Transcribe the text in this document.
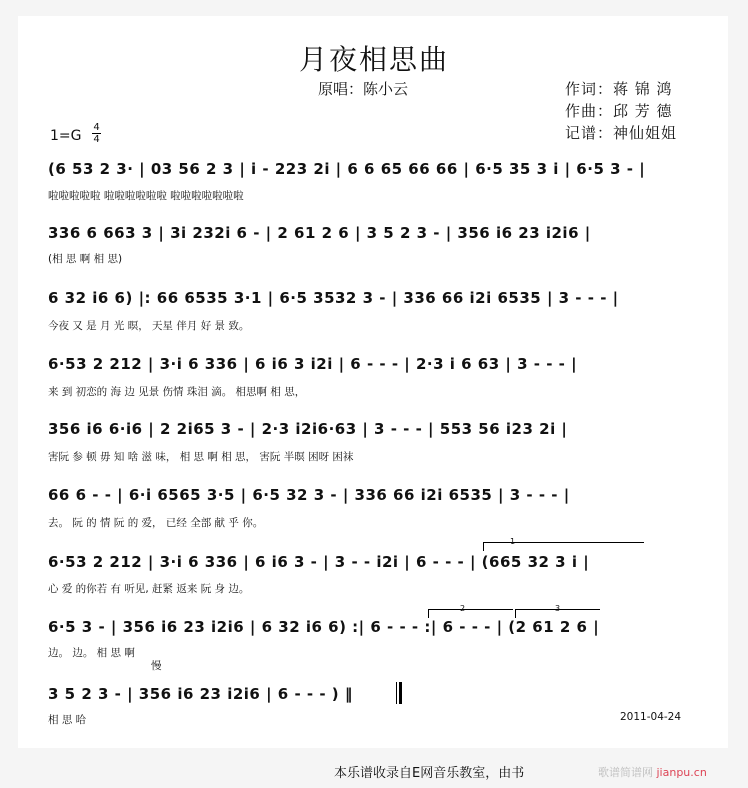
月夜相思曲
原唱：陈小云	作词：蒋 锦 鸿
作曲：邱 芳 德
记谱：神仙姐姐
1=G
4
4
(6 53 2 3· | 03 56 2 3 | i - 223 2i | 6 6 65 66 66 | 6·5 35 3 i | 6·5 3 - |
啦啦啦啦啦 啦啦啦啦啦啦 啦啦啦啦啦啦啦
336 6 663 3 | 3i 232i 6 - | 2 61 2 6 | 3 5 2 3 - | 356 i6 23 i2i6 |
(相 思 啊 相 思)
6 32 i6 6) |: 66 6535 3·1 | 6·5 3532 3 - | 336 66 i2i 6535 | 3 - - - |
今夜 又 是 月 光 暝， 天星 伴月 好 景 致。
6·53 2 212 | 3·i 6 336 | 6 i6 3 i2i | 6 - - - | 2·3 i 6 63 | 3 - - - |
来 到 初恋的 海 边 见景 伤情 珠泪 滴。 相思啊 相 思，
356 i6 6·i6 | 2 2i65 3 - | 2·3 i2i6·63 | 3 - - - | 553 56 i23 2i |
害阮 参 顿 毋 知 啥 滋 味， 相 思 啊 相 思， 害阮 半暝 困呀 困袜
66 6 - - | 6·i 6565 3·5 | 6·5 32 3 - | 336 66 i2i 6535 | 3 - - - |
去。 阮 的 情 阮 的 爱， 已经 全部 献 乎 你。
1
6·53 2 212 | 3·i 6 336 | 6 i6 3 - | 3 - - i2i | 6 - - - | (665 32 3 i |
心 爱 的你若 有 听见, 赶紧 返来 阮 身 边。
2	3
6·5 3 - | 356 i6 23 i2i6 | 6 32 i6 6) :| 6 - - - :| 6 - - - | (2 61 2 6 |
边。 边。 相 思 啊
慢
3 5 2 3 - | 356 i6 23 i2i6 | 6 - - - ) ‖
相 思 哈	2011-04-24
本乐谱收录自E网音乐教室，由书	歌谱简谱网 jianpu.cn
